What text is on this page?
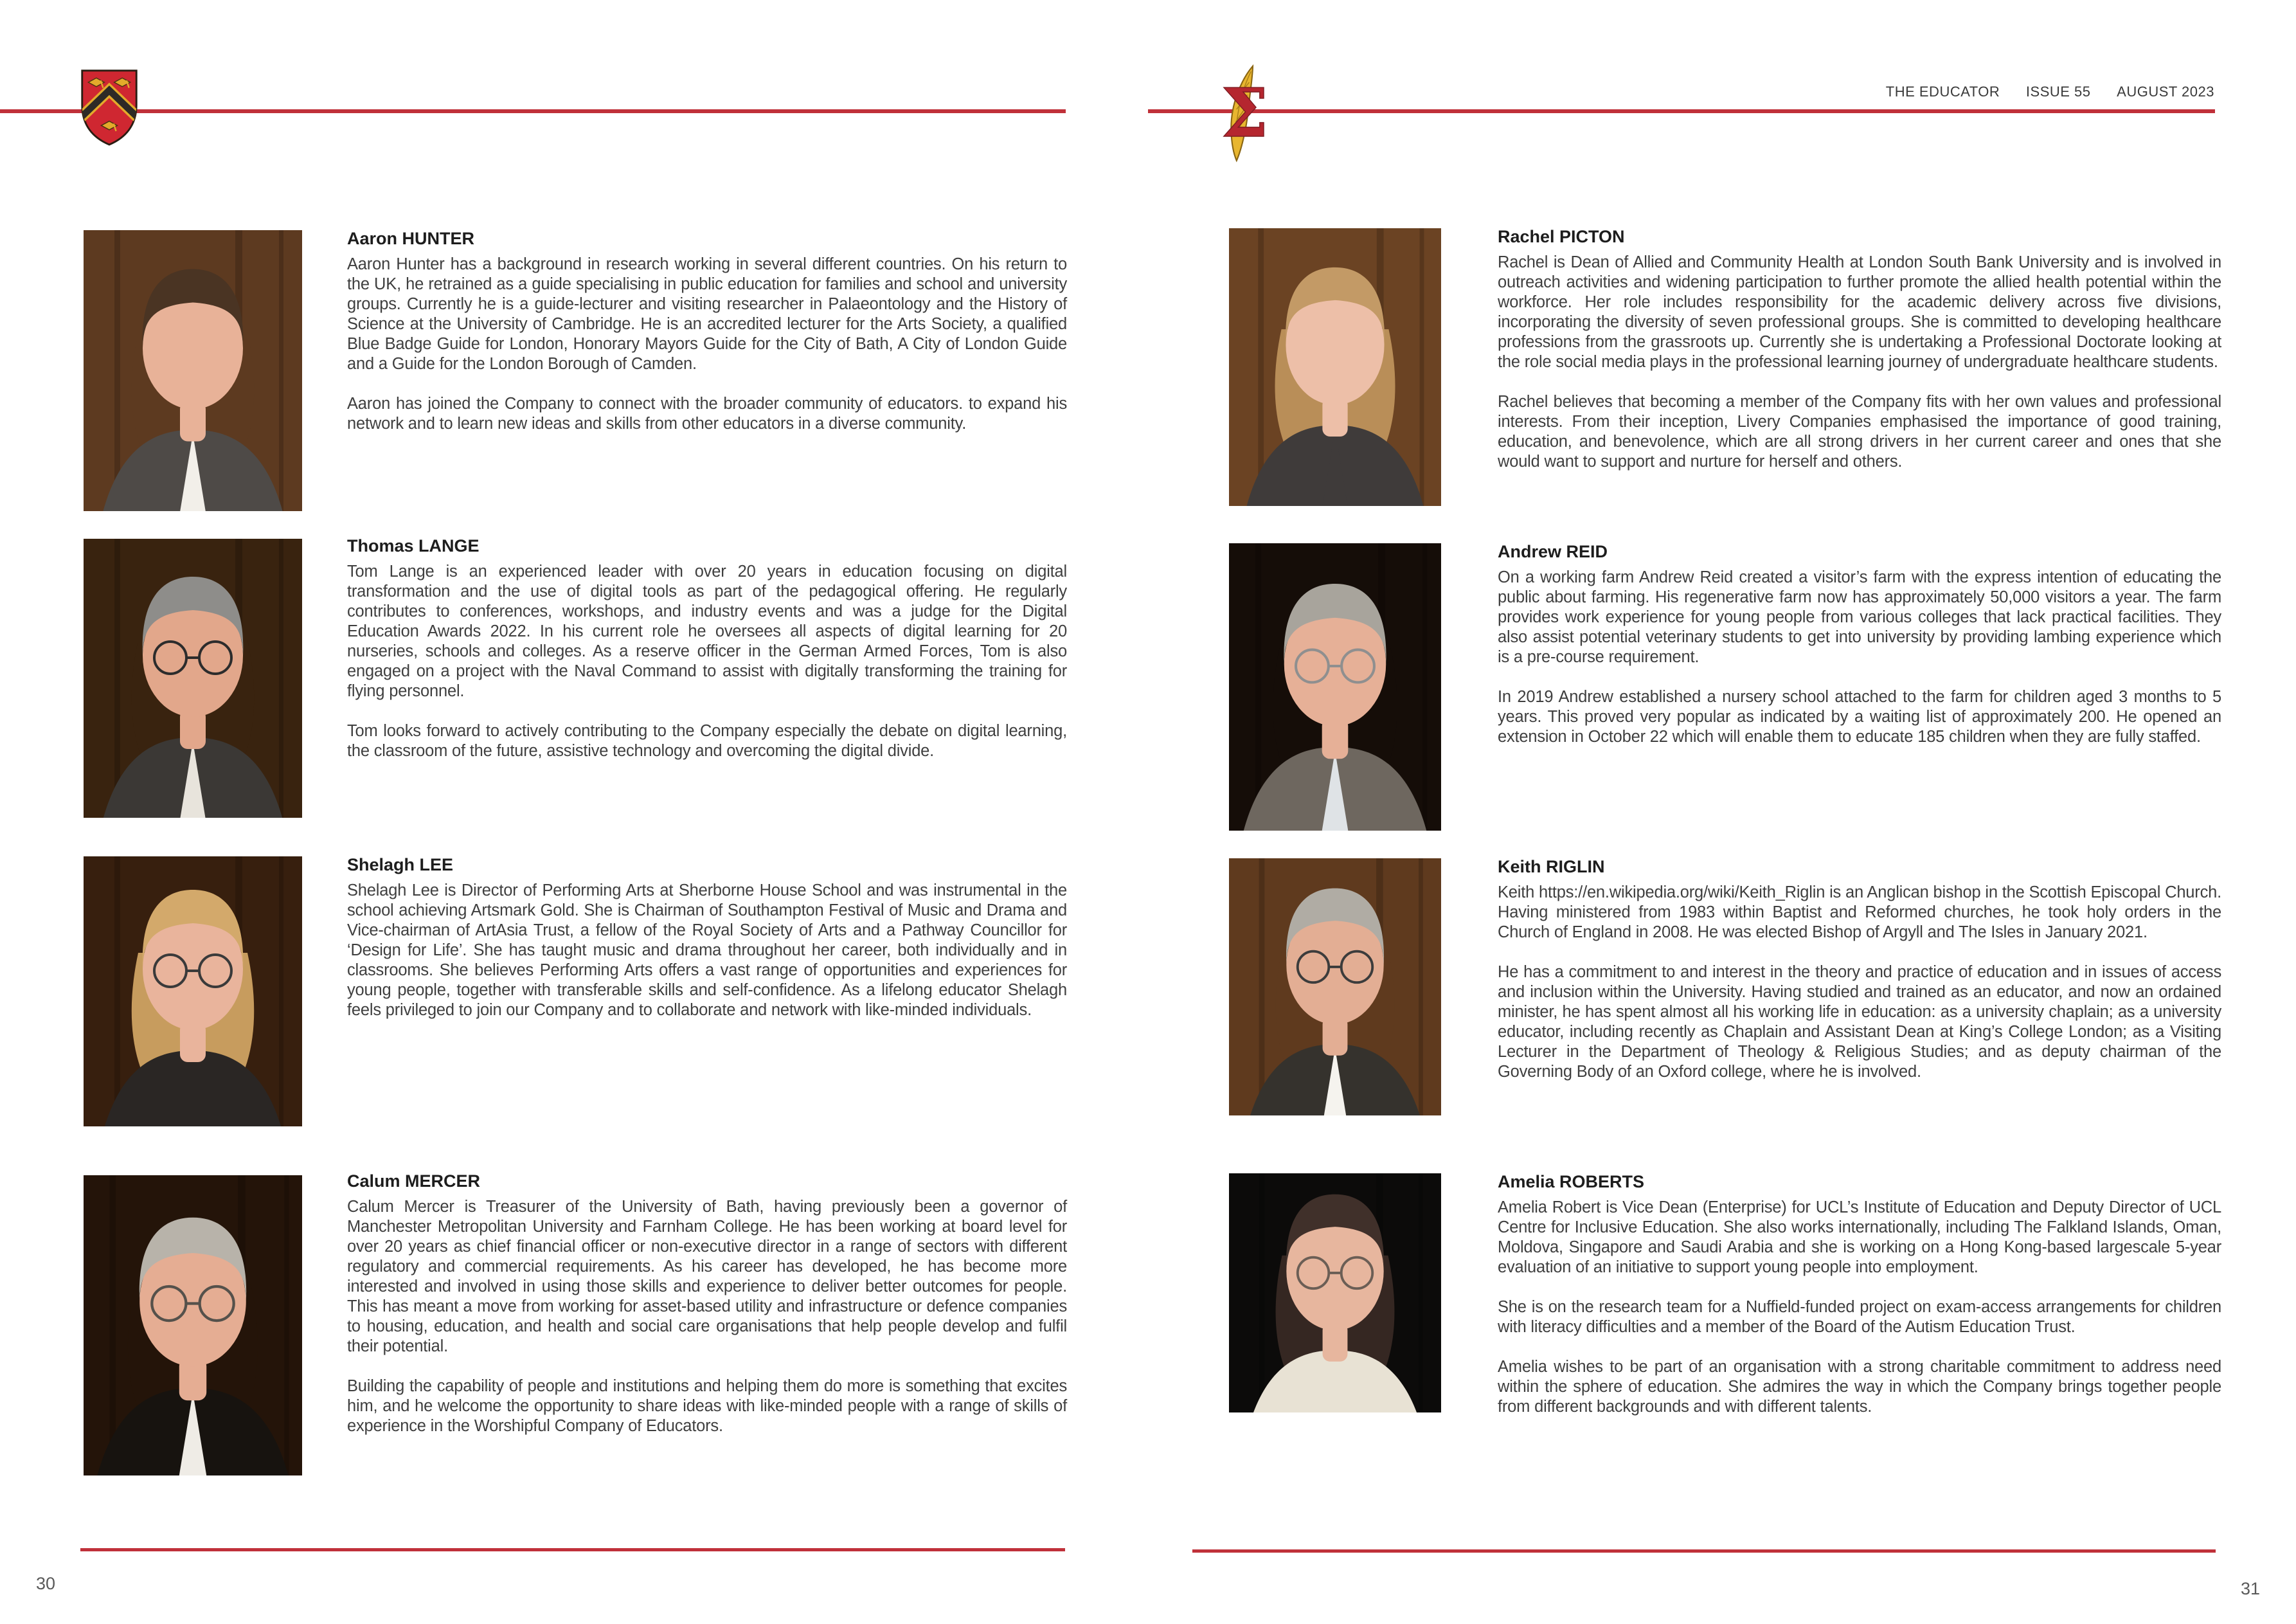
Σ	THE EDUCATOR ISSUE 55 AUGUST 2023
Aaron HUNTER

Aaron Hunter has a background in research working in several different countries. On his return to the UK, he retrained as a guide specialising in public education for families and school and university groups. Currently he is a guide-lecturer and visiting researcher in Palaeontology and the History of Science at the University of Cambridge. He is an accredited lecturer for the Arts Society, a qualified Blue Badge Guide for London, Honorary Mayors Guide for the City of Bath, A City of London Guide and a Guide for the London Borough of Camden.

Aaron has joined the Company to connect with the broader community of educators. to expand his network and to learn new ideas and skills from other educators in a diverse community.

Thomas LANGE

Tom Lange is an experienced leader with over 20 years in education focusing on digital transformation and the use of digital tools as part of the pedagogical offering. He regularly contributes to conferences, workshops, and industry events and was a judge for the Digital Education Awards 2022. In his current role he oversees all aspects of digital learning for 20 nurseries, schools and colleges. As a reserve officer in the German Armed Forces, Tom is also engaged on a project with the Naval Command to assist with digitally transforming the training for flying personnel.

Tom looks forward to actively contributing to the Company especially the debate on digital learning, the classroom of the future, assistive technology and overcoming the digital divide.

Shelagh LEE

Shelagh Lee is Director of Performing Arts at Sherborne House School and was instrumental in the school achieving Artsmark Gold. She is Chairman of Southampton Festival of Music and Drama and Vice-chairman of ArtAsia Trust, a fellow of the Royal Society of Arts and a Pathway Councillor for ‘Design for Life’. She has taught music and drama throughout her career, both individually and in classrooms. She believes Performing Arts offers a vast range of opportunities and experiences for young people, together with transferable skills and self-confidence. As a lifelong educator Shelagh feels privileged to join our Company and to collaborate and network with like-minded individuals.

Calum MERCER

Calum Mercer is Treasurer of the University of Bath, having previously been a governor of Manchester Metropolitan University and Farnham College. He has been working at board level for over 20 years as chief financial officer or non-executive director in a range of sectors with different regulatory and commercial requirements. As his career has developed, he has become more interested and involved in using those skills and experience to deliver better outcomes for people. This has meant a move from working for asset-based utility and infrastructure or defence companies to housing, education, and health and social care organisations that help people develop and fulfil their potential.

Building the capability of people and institutions and helping them do more is something that excites him, and he welcome the opportunity to share ideas with like-minded people with a range of skills of experience in the Worshipful Company of Educators.

Rachel PICTON

Rachel is Dean of Allied and Community Health at London South Bank University and is involved in outreach activities and widening participation to further promote the allied health potential within the workforce. Her role includes responsibility for the academic delivery across five divisions, incorporating the diversity of seven professional groups. She is committed to developing healthcare professions from the grassroots up. Currently she is undertaking a Professional Doctorate looking at the role social media plays in the professional learning journey of undergraduate healthcare students.

Rachel believes that becoming a member of the Company fits with her own values and professional interests. From their inception, Livery Companies emphasised the importance of good training, education, and benevolence, which are all strong drivers in her current career and ones that she would want to support and nurture for herself and others.

Andrew REID

On a working farm Andrew Reid created a visitor’s farm with the express intention of educating the public about farming. His regenerative farm now has approximately 50,000 visitors a year. The farm provides work experience for young people from various colleges that lack practical facilities. They also assist potential veterinary students to get into university by providing lambing experience which is a pre-course requirement.

In 2019 Andrew established a nursery school attached to the farm for children aged 3 months to 5 years. This proved very popular as indicated by a waiting list of approximately 200. He opened an extension in October 22 which will enable them to educate 185 children when they are fully staffed.

Keith RIGLIN

Keith https://en.wikipedia.org/wiki/Keith_Riglin is an Anglican bishop in the Scottish Episcopal Church. Having ministered from 1983 within Baptist and Reformed churches, he took holy orders in the Church of England in 2008. He was elected Bishop of Argyll and The Isles in January 2021.

He has a commitment to and interest in the theory and practice of education and in issues of access and inclusion within the University. Having studied and trained as an educator, and now an ordained minister, he has spent almost all his working life in education: as a university chaplain; as a university educator, including recently as Chaplain and Assistant Dean at King’s College London; as a Visiting Lecturer in the Department of Theology & Religious Studies; and as deputy chairman of the Governing Body of an Oxford college, where he is involved.

Amelia ROBERTS

Amelia Robert is Vice Dean (Enterprise) for UCL’s Institute of Education and Deputy Director of UCL Centre for Inclusive Education. She also works internationally, including The Falkland Islands, Oman, Moldova, Singapore and Saudi Arabia and she is working on a Hong Kong-based largescale 5-year evaluation of an initiative to support young people into employment.

She is on the research team for a Nuffield-funded project on exam-access arrangements for children with literacy difficulties and a member of the Board of the Autism Education Trust.

Amelia wishes to be part of an organisation with a strong charitable commitment to address need within the sphere of education. She admires the way in which the Company brings together people from different backgrounds and with different talents.

30	31
